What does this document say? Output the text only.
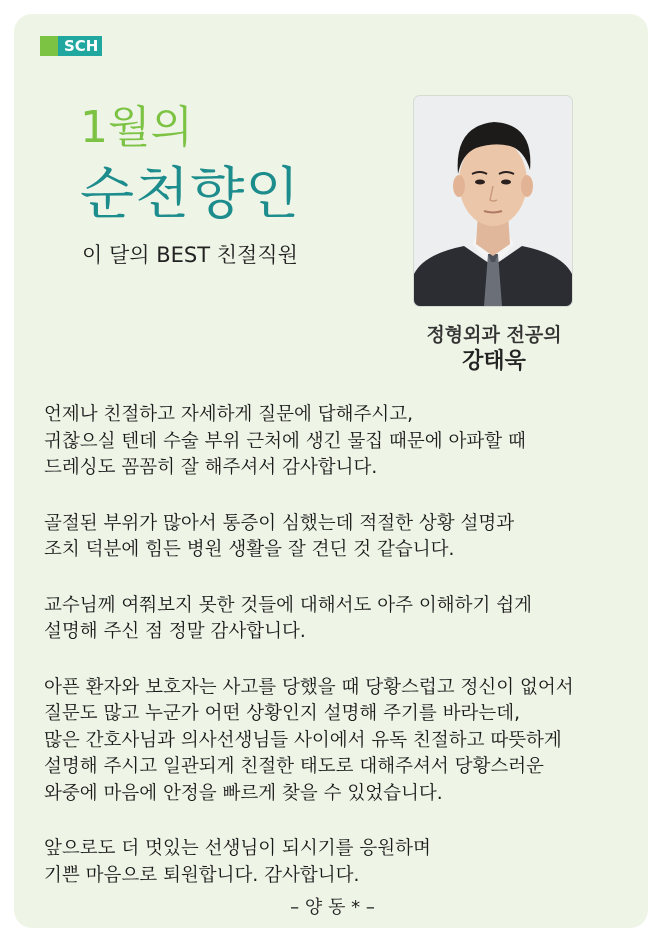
SCH
1월의
순천향인
이 달의 BEST 친절직원
정형외과 전공의
강태욱
언제나 친절하고 자세하게 질문에 답해주시고,
귀찮으실 텐데 수술 부위 근처에 생긴 물집 때문에 아파할 때
드레싱도 꼼꼼히 잘 해주셔서 감사합니다.
골절된 부위가 많아서 통증이 심했는데 적절한 상황 설명과
조치 덕분에 힘든 병원 생활을 잘 견딘 것 같습니다.
교수님께 여쭤보지 못한 것들에 대해서도 아주 이해하기 쉽게
설명해 주신 점 정말 감사합니다.
아픈 환자와 보호자는 사고를 당했을 때 당황스럽고 정신이 없어서
질문도 많고 누군가 어떤 상황인지 설명해 주기를 바라는데,
많은 간호사님과 의사선생님들 사이에서 유독 친절하고 따뜻하게
설명해 주시고 일관되게 친절한 태도로 대해주셔서 당황스러운
와중에 마음에 안정을 빠르게 찾을 수 있었습니다.
앞으로도 더 멋있는 선생님이 되시기를 응원하며
기쁜 마음으로 퇴원합니다. 감사합니다.
– 양 동 * –
